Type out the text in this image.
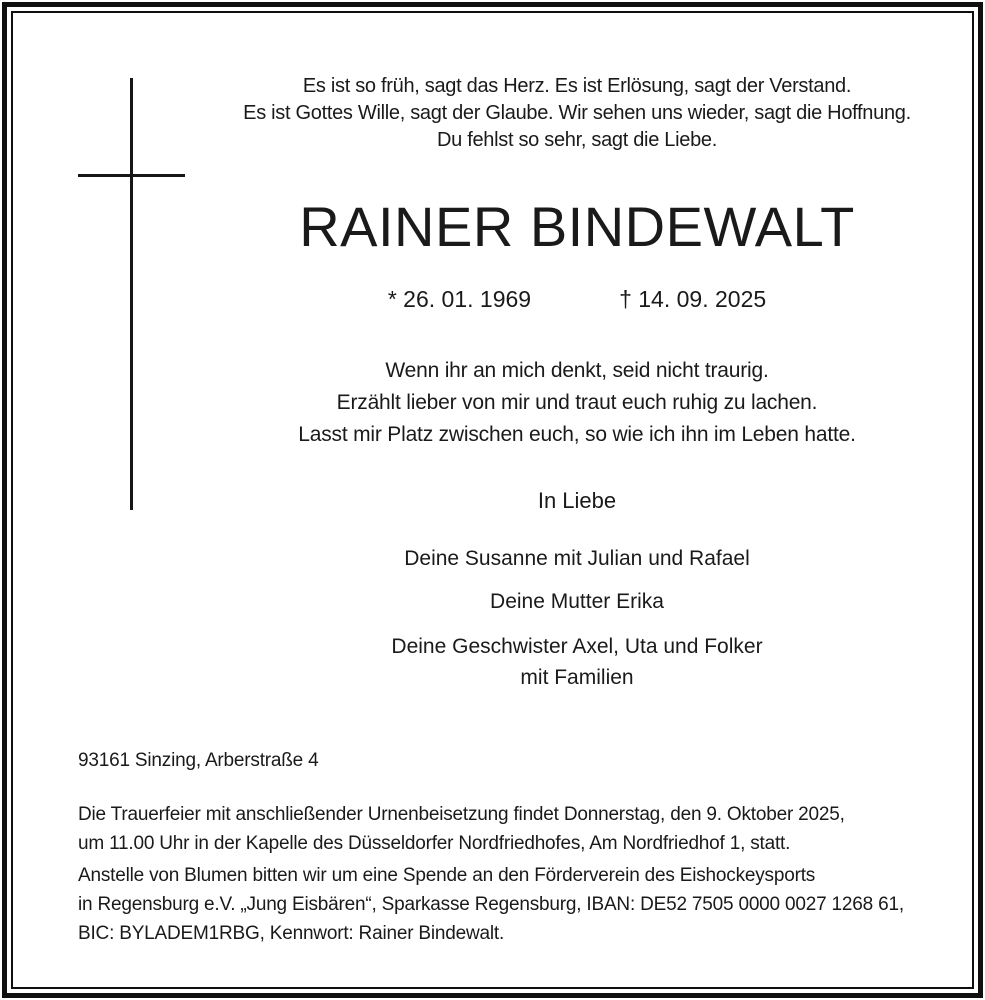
Es ist so früh, sagt das Herz. Es ist Erlösung, sagt der Verstand.
Es ist Gottes Wille, sagt der Glaube. Wir sehen uns wieder, sagt die Hoffnung.
Du fehlst so sehr, sagt die Liebe.
RAINER BINDEWALT
* 26. 01. 1969	† 14. 09. 2025
Wenn ihr an mich denkt, seid nicht traurig.
Erzählt lieber von mir und traut euch ruhig zu lachen.
Lasst mir Platz zwischen euch, so wie ich ihn im Leben hatte.
In Liebe
Deine Susanne mit Julian und Rafael
Deine Mutter Erika
Deine Geschwister Axel, Uta und Folker
mit Familien
93161 Sinzing, Arberstraße 4
Die Trauerfeier mit anschließender Urnenbeisetzung findet Donnerstag, den 9. Oktober 2025,
um 11.00 Uhr in der Kapelle des Düsseldorfer Nordfriedhofes, Am Nordfriedhof 1, statt.
Anstelle von Blumen bitten wir um eine Spende an den Förderverein des Eishockeysports
in Regensburg e.V. „Jung Eisbären“, Sparkasse Regensburg, IBAN: DE52 7505 0000 0027 1268 61,
BIC: BYLADEM1RBG, Kennwort: Rainer Bindewalt.
